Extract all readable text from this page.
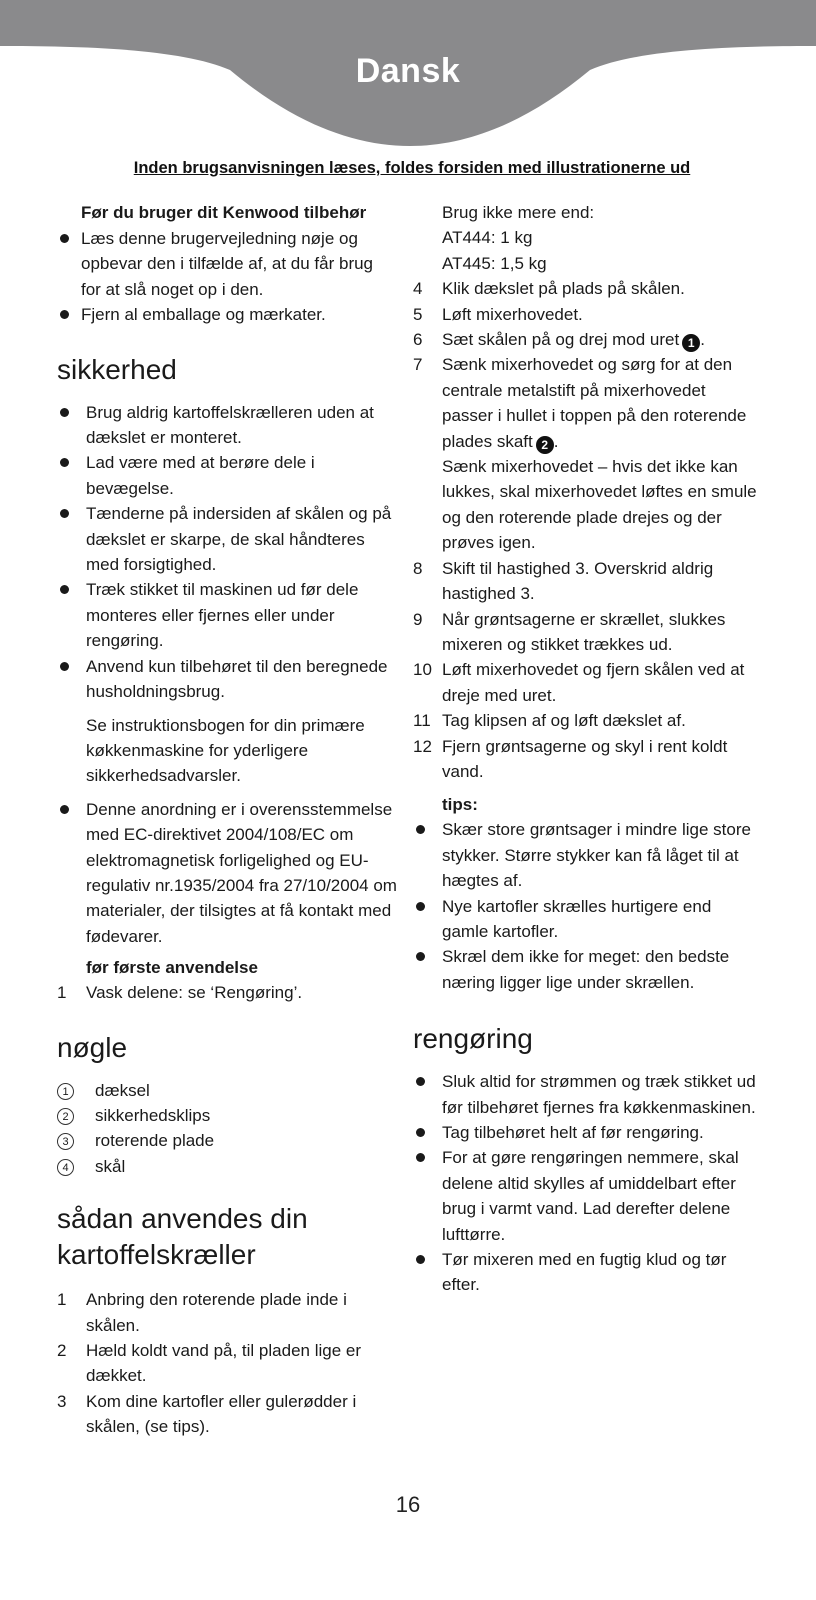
Dansk
Inden brugsanvisningen læses, foldes forsiden med illustrationerne ud
Før du bruger dit Kenwood tilbehør
Læs denne brugervejledning nøje og opbevar den i tilfælde af, at du får brug for at slå noget op i den.
Fjern al emballage og mærkater.
sikkerhed
Brug aldrig kartoffelskrælleren uden at dækslet er monteret.
Lad være med at berøre dele i bevægelse.
Tænderne på indersiden af skålen og på dækslet er skarpe, de skal håndteres med forsigtighed.
Træk stikket til maskinen ud før dele monteres eller fjernes eller under rengøring.
Anvend kun tilbehøret til den beregnede husholdningsbrug.
Se instruktionsbogen for din primære køkkenmaskine for yderligere sikkerhedsadvarsler.
Denne anordning er i overensstemmelse med EC-direktivet 2004/108/EC om elektromagnetisk forligelighed og EU-regulativ nr.1935/2004 fra 27/10/2004 om materialer, der tilsigtes at få kontakt med fødevarer.
før første anvendelse
1	Vask delene: se ‘Rengøring’.
nøgle
1	dæksel
2	sikkerhedsklips
3	roterende plade
4	skål
sådan anvendes din
kartoffelskræller
1	Anbring den roterende plade inde i skålen.
2	Hæld koldt vand på, til pladen lige er dækket.
3	Kom dine kartofler eller gulerødder i skålen, (se tips).
Brug ikke mere end:
AT444: 1 kg
AT445: 1,5 kg
4	Klik dækslet på plads på skålen.
5	Løft mixerhovedet.
6	Sæt skålen på og drej mod uret 1 .
7	Sænk mixerhovedet og sørg for at den centrale metalstift på mixerhovedet passer i hullet i toppen på den roterende plades skaft 2 .
Sænk mixerhovedet – hvis det ikke kan lukkes, skal mixerhovedet løftes en smule og den roterende plade drejes og der prøves igen.
8	Skift til hastighed 3. Overskrid aldrig hastighed 3.
9	Når grøntsagerne er skrællet, slukkes mixeren og stikket trækkes ud.
10 Løft mixerhovedet og fjern skålen ved at dreje med uret.
11 Tag klipsen af og løft dækslet af.
12 Fjern grøntsagerne og skyl i rent koldt vand.
tips:
Skær store grøntsager i mindre lige store stykker. Større stykker kan få låget til at hægtes af.
Nye kartofler skrælles hurtigere end gamle kartofler.
Skræl dem ikke for meget: den bedste næring ligger lige under skrællen.
rengøring
Sluk altid for strømmen og træk stikket ud før tilbehøret fjernes fra køkkenmaskinen.
Tag tilbehøret helt af før rengøring.
For at gøre rengøringen nemmere, skal delene altid skylles af umiddelbart efter brug i varmt vand. Lad derefter delene lufttørre.
Tør mixeren med en fugtig klud og tør efter.
16
